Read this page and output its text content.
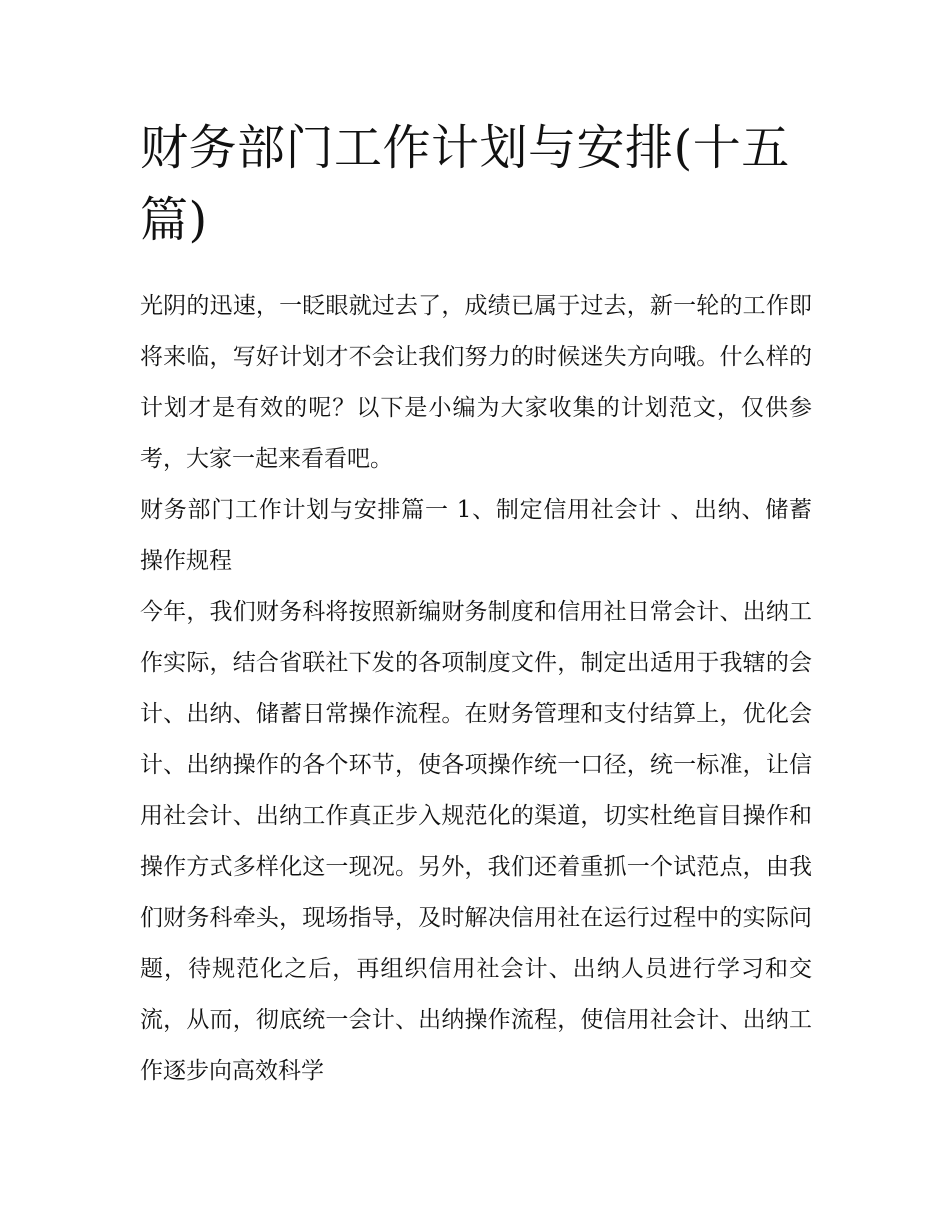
财务部门工作计划与安排(十五篇)

光阴的迅速，一眨眼就过去了，成绩已属于过去，新一轮的工作即将来临，写好计划才不会让我们努力的时候迷失方向哦。什么样的计划才是有效的呢？以下是小编为大家收集的计划范文，仅供参考，大家一起来看看吧。

财务部门工作计划与安排篇一 1、制定信用社会计 、出纳、储蓄操作规程

今年，我们财务科将按照新编财务制度和信用社日常会计、出纳工作实际，结合省联社下发的各项制度文件，制定出适用于我辖的会计、出纳、储蓄日常操作流程。在财务管理和支付结算上，优化会计、出纳操作的各个环节，使各项操作统一口径，统一标准，让信用社会计、出纳工作真正步入规范化的渠道，切实杜绝盲目操作和操作方式多样化这一现况。另外，我们还着重抓一个试范点，由我们财务科牵头，现场指导，及时解决信用社在运行过程中的实际问题，待规范化之后，再组织信用社会计、出纳人员进行学习和交流，从而，彻底统一会计、出纳操作流程，使信用社会计、出纳工作逐步向高效科学
